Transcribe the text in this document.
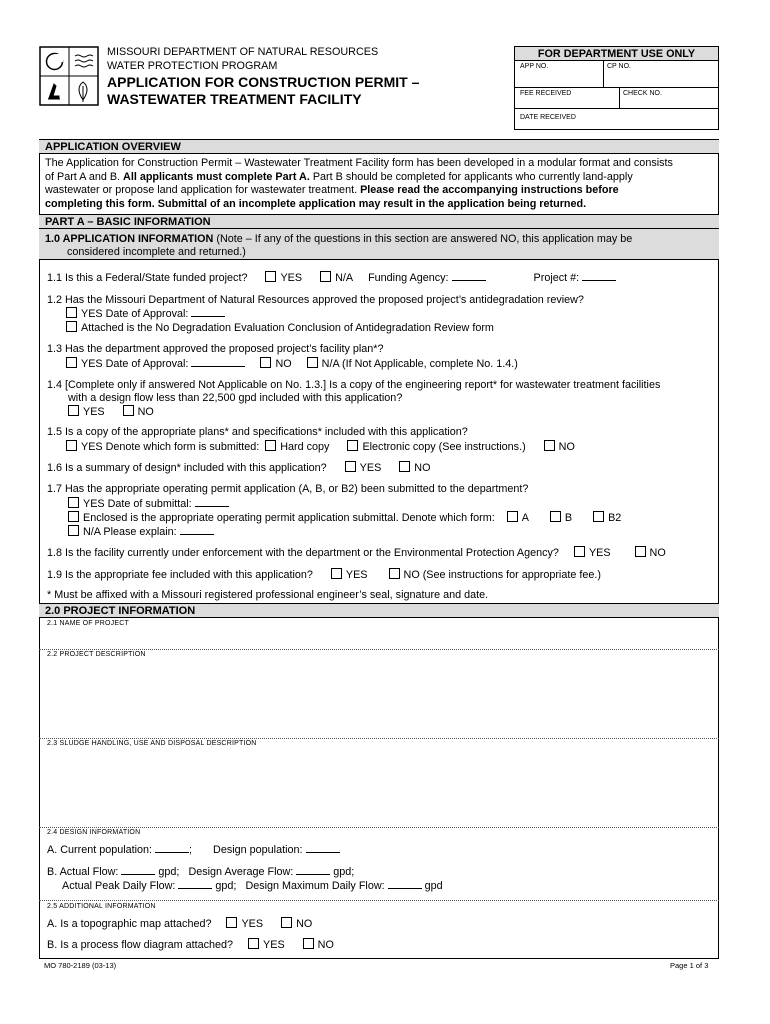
MISSOURI DEPARTMENT OF NATURAL RESOURCES
WATER PROTECTION PROGRAM
APPLICATION FOR CONSTRUCTION PERMIT –
WASTEWATER TREATMENT FACILITY
FOR DEPARTMENT USE ONLY
APP NO.	CP NO.
FEE RECEIVED	CHECK NO.
DATE RECEIVED
APPLICATION OVERVIEW
The Application for Construction Permit – Wastewater Treatment Facility form has been developed in a modular format and consists
of Part A and B. All applicants must complete Part A. Part B should be completed for applicants who currently land-apply
wastewater or propose land application for wastewater treatment. Please read the accompanying instructions before
completing this form. Submittal of an incomplete application may result in the application being returned.
PART A – BASIC INFORMATION
1.0 APPLICATION INFORMATION (Note – If any of the questions in this section are answered NO, this application may be
considered incomplete and returned.)
1.1 Is this a Federal/State funded project?	YES	N/A Funding Agency:	Project #:
1.2 Has the Missouri Department of Natural Resources approved the proposed project’s antidegradation review?
YES Date of Approval:
Attached is the No Degradation Evaluation Conclusion of Antidegradation Review form
1.3 Has the department approved the proposed project’s facility plan*?
YES Date of Approval:	NO	N/A (If Not Applicable, complete No. 1.4.)
1.4 [Complete only if answered Not Applicable on No. 1.3.] Is a copy of the engineering report* for wastewater treatment facilities
with a design flow less than 22,500 gpd included with this application?
YES	NO
1.5 Is a copy of the appropriate plans* and specifications* included with this application?
YES Denote which form is submitted: Hard copy	Electronic copy (See instructions.)	NO
1.6 Is a summary of design* included with this application?	YES	NO
1.7 Has the appropriate operating permit application (A, B, or B2) been submitted to the department?
YES Date of submittal:
Enclosed is the appropriate operating permit application submittal. Denote which form:	A	B	B2
N/A Please explain:
1.8 Is the facility currently under enforcement with the department or the Environmental Protection Agency?	YES	NO
1.9 Is the appropriate fee included with this application?	YES	NO (See instructions for appropriate fee.)
* Must be affixed with a Missouri registered professional engineer’s seal, signature and date.
2.0 PROJECT INFORMATION
2.1 NAME OF PROJECT
2.2 PROJECT DESCRIPTION
2.3 SLUDGE HANDLING, USE AND DISPOSAL DESCRIPTION
2.4 DESIGN INFORMATION
A. Current population:	;       Design population:
B. Actual Flow:	gpd; Design Average Flow:	gpd;
Actual Peak Daily Flow:	gpd; Design Maximum Daily Flow:	gpd
2.5 ADDITIONAL INFORMATION
A. Is a topographic map attached?	YES	NO
B. Is a process flow diagram attached?	YES	NO
MO 780-2189 (03-13)	Page 1 of 3
